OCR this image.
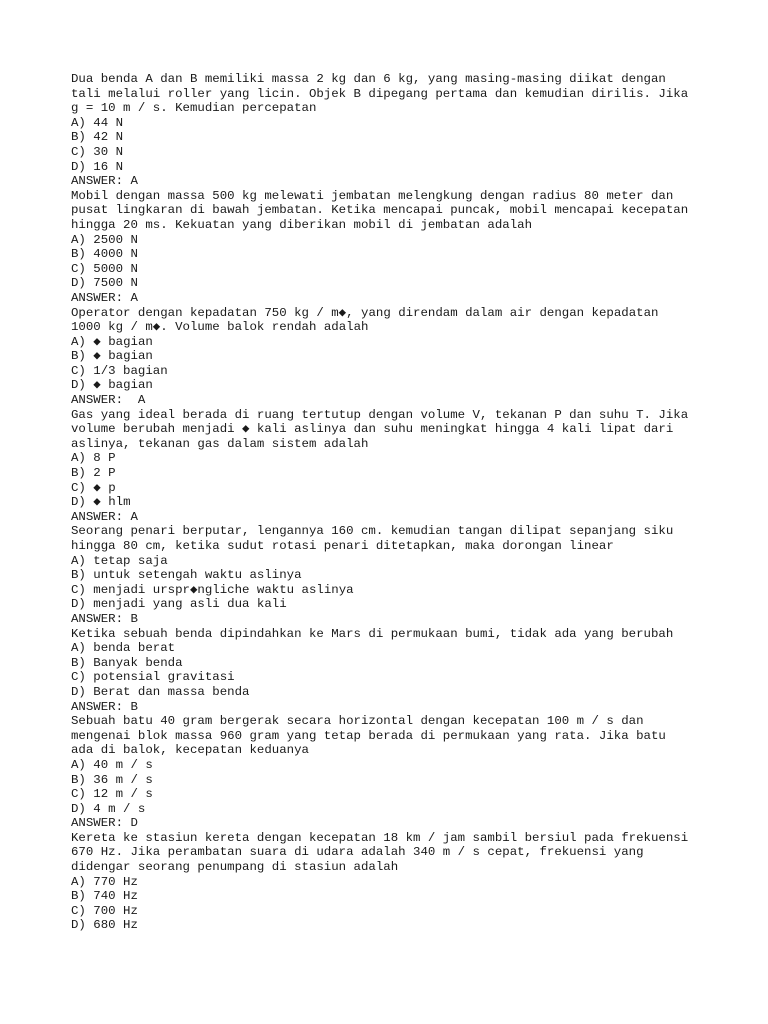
Dua benda A dan B memiliki massa 2 kg dan 6 kg, yang masing-masing diikat dengan
tali melalui roller yang licin. Objek B dipegang pertama dan kemudian dirilis. Jika
g = 10 m / s. Kemudian percepatan
A) 44 N
B) 42 N
C) 30 N
D) 16 N
ANSWER: A
Mobil dengan massa 500 kg melewati jembatan melengkung dengan radius 80 meter dan
pusat lingkaran di bawah jembatan. Ketika mencapai puncak, mobil mencapai kecepatan
hingga 20 ms. Kekuatan yang diberikan mobil di jembatan adalah
A) 2500 N
B) 4000 N
C) 5000 N
D) 7500 N
ANSWER: A
Operator dengan kepadatan 750 kg / m◆, yang direndam dalam air dengan kepadatan
1000 kg / m◆. Volume balok rendah adalah
A) ◆ bagian
B) ◆ bagian
C) 1/3 bagian
D) ◆ bagian
ANSWER:  A
Gas yang ideal berada di ruang tertutup dengan volume V, tekanan P dan suhu T. Jika
volume berubah menjadi ◆ kali aslinya dan suhu meningkat hingga 4 kali lipat dari
aslinya, tekanan gas dalam sistem adalah
A) 8 P
B) 2 P
C) ◆ p
D) ◆ hlm
ANSWER: A
Seorang penari berputar, lengannya 160 cm. kemudian tangan dilipat sepanjang siku
hingga 80 cm, ketika sudut rotasi penari ditetapkan, maka dorongan linear
A) tetap saja
B) untuk setengah waktu aslinya
C) menjadi urspr◆ngliche waktu aslinya
D) menjadi yang asli dua kali
ANSWER: B
Ketika sebuah benda dipindahkan ke Mars di permukaan bumi, tidak ada yang berubah
A) benda berat
B) Banyak benda
C) potensial gravitasi
D) Berat dan massa benda
ANSWER: B
Sebuah batu 40 gram bergerak secara horizontal dengan kecepatan 100 m / s dan
mengenai blok massa 960 gram yang tetap berada di permukaan yang rata. Jika batu
ada di balok, kecepatan keduanya
A) 40 m / s
B) 36 m / s
C) 12 m / s
D) 4 m / s
ANSWER: D
Kereta ke stasiun kereta dengan kecepatan 18 km / jam sambil bersiul pada frekuensi
670 Hz. Jika perambatan suara di udara adalah 340 m / s cepat, frekuensi yang
didengar seorang penumpang di stasiun adalah
A) 770 Hz
B) 740 Hz
C) 700 Hz
D) 680 Hz
